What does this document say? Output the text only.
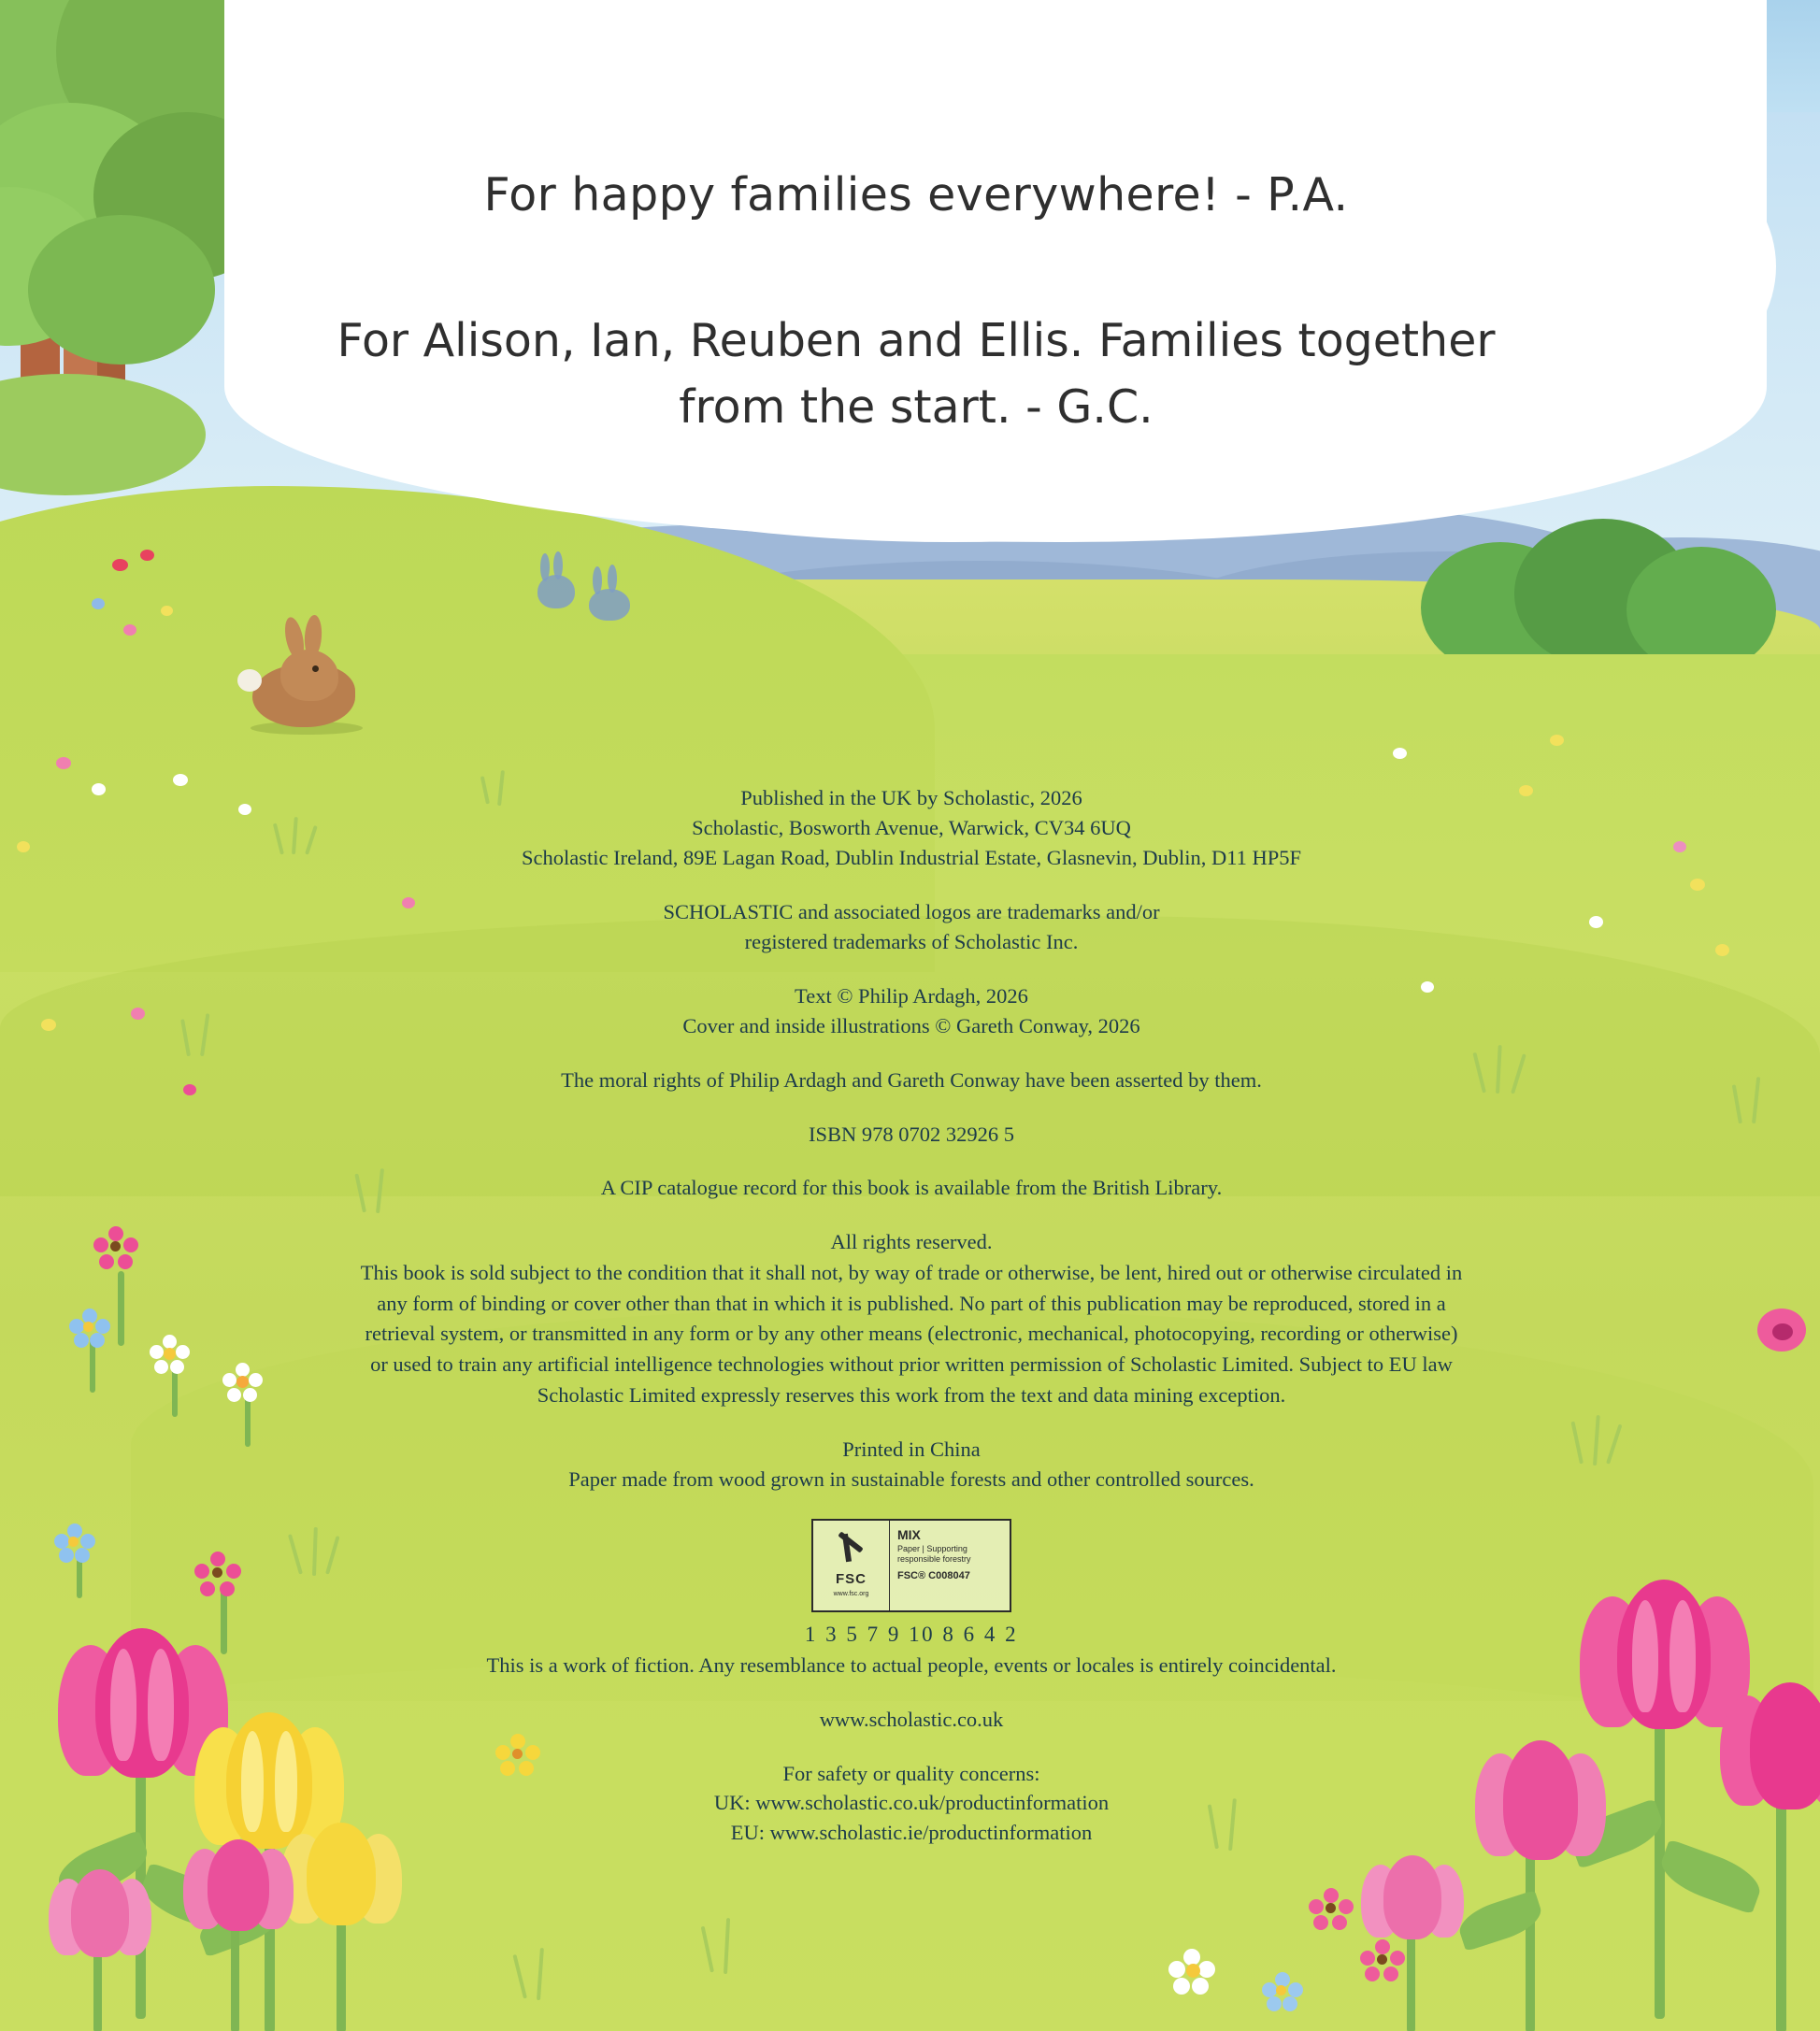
For happy families everywhere! - P.A.
For Alison, Ian, Reuben and Ellis. Families together from the start. - G.C.

Published in the UK by Scholastic, 2026

Scholastic, Bosworth Avenue, Warwick, CV34 6UQ

Scholastic Ireland, 89E Lagan Road, Dublin Industrial Estate, Glasnevin, Dublin, D11 HP5F

SCHOLASTIC and associated logos are trademarks and/or

registered trademarks of Scholastic Inc.

Text © Philip Ardagh, 2026

Cover and inside illustrations © Gareth Conway, 2026

The moral rights of Philip Ardagh and Gareth Conway have been asserted by them.

ISBN 978 0702 32926 5

A CIP catalogue record for this book is available from the British Library.

All rights reserved.

This book is sold subject to the condition that it shall not, by way of trade or otherwise, be lent, hired out or otherwise circulated in any form of binding or cover other than that in which it is published. No part of this publication may be reproduced, stored in a retrieval system, or transmitted in any form or by any other means (electronic, mechanical, photocopying, recording or otherwise) or used to train any artificial intelligence technologies without prior written permission of Scholastic Limited. Subject to EU law Scholastic Limited expressly reserves this work from the text and data mining exception.

Printed in China

Paper made from wood grown in sustainable forests and other controlled sources.

FSC
www.fsc.org
MIX
Paper | Supporting responsible forestry
FSC® C008047

1 3 5 7 9 10 8 6 4 2

This is a work of fiction. Any resemblance to actual people, events or locales is entirely coincidental.

www.scholastic.co.uk

For safety or quality concerns:

UK: www.scholastic.co.uk/productinformation

EU: www.scholastic.ie/productinformation
